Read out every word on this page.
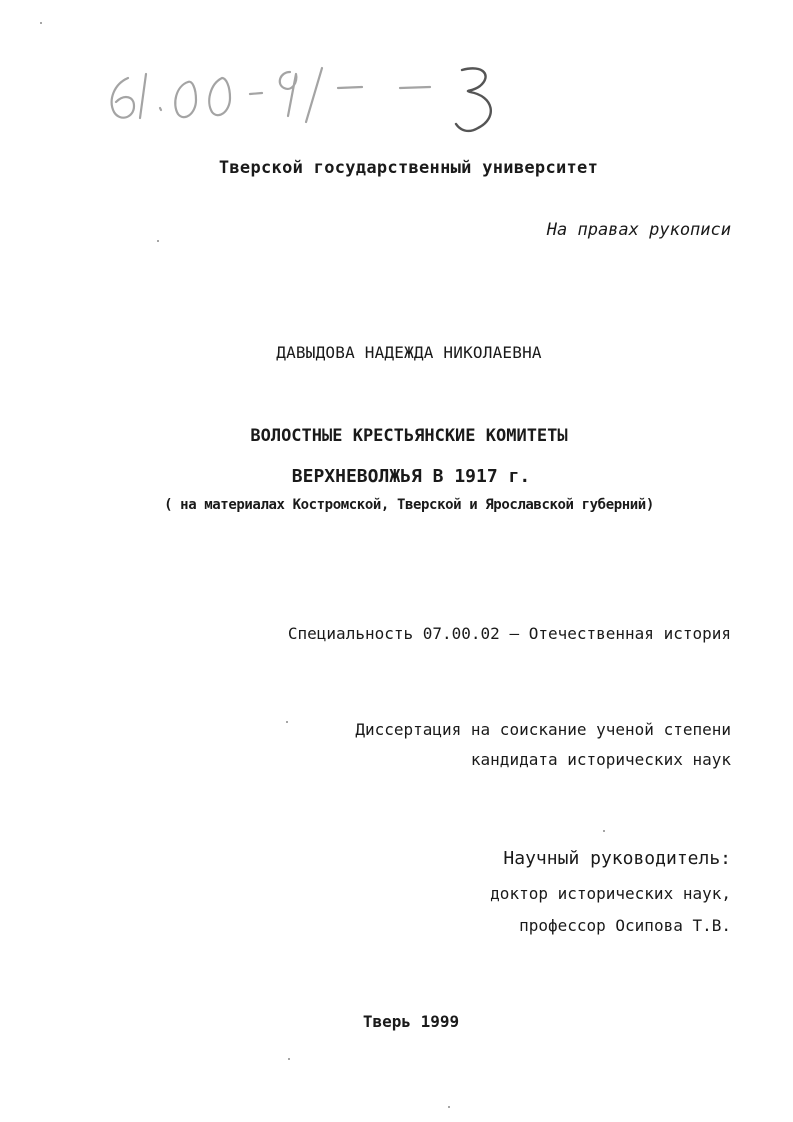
Тверской государственный университет

На правах рукописи

ДАВЫДОВА НАДЕЖДА НИКОЛАЕВНА

ВОЛОСТНЫЕ КРЕСТЬЯНСКИЕ КОМИТЕТЫ

ВЕРХНЕВОЛЖЬЯ В 1917 г.

( на материалах Костромской, Тверской и Ярославской губерний)

Специальность 07.00.02 – Отечественная история

Диссертация на соискание ученой степени

кандидата исторических наук

Научный руководитель:

доктор исторических наук,

профессор Осипова Т.В.

Тверь 1999
